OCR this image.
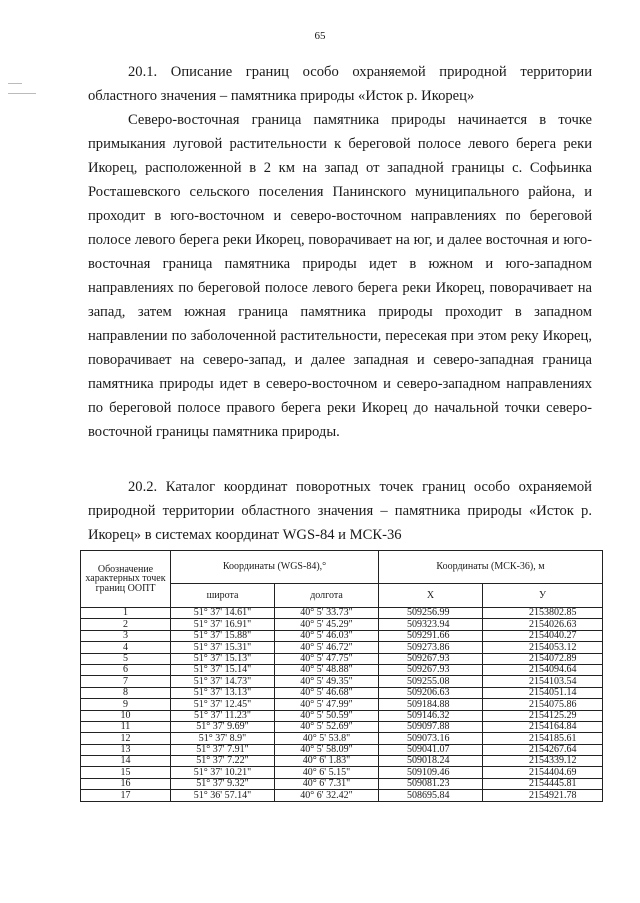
65
20.1. Описание границ особо охраняемой природной территории областного значения – памятника природы «Исток р. Икорец»
Северо-восточная граница памятника природы начинается в точке примыкания луговой растительности к береговой полосе левого берега реки Икорец, расположенной в 2 км на запад от западной границы с. Софьинка Росташевского сельского поселения Панинского муниципального района, и проходит в юго-восточном и северо-восточном направлениях по береговой полосе левого берега реки Икорец, поворачивает на юг, и далее восточная и юго-восточная граница памятника природы идет в южном и юго-западном направлениях по береговой полосе левого берега реки Икорец, поворачивает на запад, затем южная граница памятника природы проходит в западном направлении по заболоченной растительности, пересекая при этом реку Икорец, поворачивает на северо-запад, и далее западная и северо-западная граница памятника природы идет в северо-восточном и северо-западном направлениях по береговой полосе правого берега реки Икорец до начальной точки северо-восточной границы памятника природы.
20.2. Каталог координат поворотных точек границ особо охраняемой природной территории областного значения – памятника природы «Исток р. Икорец» в системах координат WGS-84 и МСК-36
Обозначение характерных точек границ ООПТ	Координаты (WGS-84),°		Координаты (МСК-36), м	
	широта	долгота	X	У
1	51° 37' 14.61"	40° 5' 33.73"	509256.99	2153802.85
2	51° 37' 16.91"	40° 5' 45.29"	509323.94	2154026.63
3	51° 37' 15.88"	40° 5' 46.03"	509291.66	2154040.27
4	51° 37' 15.31"	40° 5' 46.72"	509273.86	2154053.12
5	51° 37' 15.13"	40° 5' 47.75"	509267.93	2154072.89
6	51° 37' 15.14"	40° 5' 48.88"	509267.93	2154094.64
7	51° 37' 14.73"	40° 5' 49.35"	509255.08	2154103.54
8	51° 37' 13.13"	40° 5' 46.68"	509206.63	2154051.14
9	51° 37' 12.45"	40° 5' 47.99"	509184.88	2154075.86
10	51° 37' 11.23"	40° 5' 50.59"	509146.32	2154125.29
11	51° 37' 9.69"	40° 5' 52.69"	509097.88	2154164.84
12	51° 37' 8.9"	40° 5' 53.8"	509073.16	2154185.61
13	51° 37' 7.91"	40° 5' 58.09"	509041.07	2154267.64
14	51° 37' 7.22"	40° 6' 1.83"	509018.24	2154339.12
15	51° 37' 10.21"	40° 6' 5.15"	509109.46	2154404.69
16	51° 37' 9.32"	40° 6' 7.31"	509081.23	2154445.81
17	51° 36' 57.14"	40° 6' 32.42"	508695.84	2154921.78
